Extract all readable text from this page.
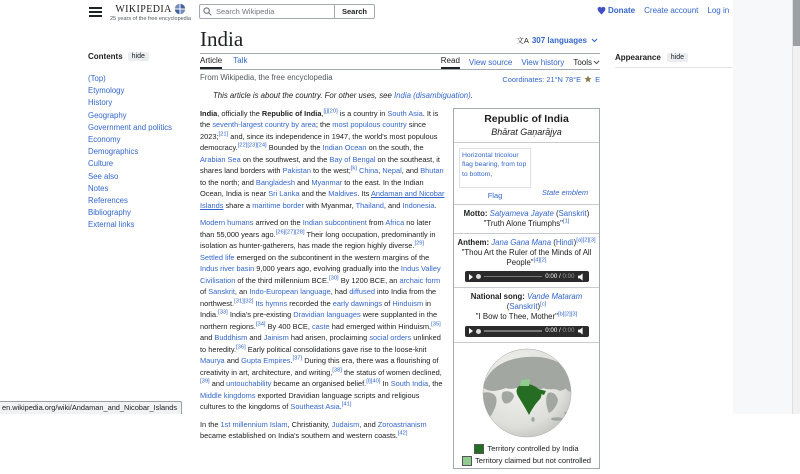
WIKIPEDIA
25 years of the free encyclopedia
Search Wikipedia
Search	Donate Create account Log in
Contents	hide
(Top)
Etymology
History
Geography
Government and politics
Economy
Demographics
Culture
See also
Notes
References
Bibliography
External links
India	文A 307 languages
Article Talk	Read View source View history Tools
From Wikipedia, the free encyclopedia	Coordinates: 21°N 78°E E
This article is about the country. For other uses, see India (disambiguation).
Republic of India
Bhārat Gaṇarājya
Horizontal tricolour flag bearing, from top to bottom,
Flag	State emblem
Motto: Satyameva Jayate (Sanskrit)
"Truth Alone Triumphs"[1]
Anthem: Jana Gana Mana (Hindi)[a][2][3]
"Thou Art the Ruler of the Minds of All People"[4][2]
0:00 / 0:00
National song: Vande Mataram (Sanskrit)[c]
"I Bow to Thee, Mother"[b][2][3]
0:00 / 0:00
Territory controlled by India
Territory claimed but not controlled

India, officially the Republic of India,[j][20] is a country in South Asia. It is the seventh-largest country by area; the most populous country since 2023;[21] and, since its independence in 1947, the world's most populous democracy.[22][23][24] Bounded by the Indian Ocean on the south, the Arabian Sea on the southwest, and the Bay of Bengal on the southeast, it shares land borders with Pakistan to the west;[k] China, Nepal, and Bhutan to the north; and Bangladesh and Myanmar to the east. In the Indian Ocean, India is near Sri Lanka and the Maldives. Its Andaman and Nicobar Islands share a maritime border with Myanmar, Thailand, and Indonesia.

Modern humans arrived on the Indian subcontinent from Africa no later than 55,000 years ago.[26][27][28] Their long occupation, predominantly in isolation as hunter-gatherers, has made the region highly diverse.[29] Settled life emerged on the subcontinent in the western margins of the Indus river basin 9,000 years ago, evolving gradually into the Indus Valley Civilisation of the third millennium BCE.[30] By 1200 BCE, an archaic form of Sanskrit, an Indo-European language, had diffused into India from the northwest.[31][32] Its hymns recorded the early dawnings of Hinduism in India.[33] India's pre-existing Dravidian languages were supplanted in the northern regions.[34] By 400 BCE, caste had emerged within Hinduism,[35] and Buddhism and Jainism had arisen, proclaiming social orders unlinked to heredity.[36] Early political consolidations gave rise to the loose-knit Maurya and Gupta Empires.[37] During this era, there was a flourishing of creativity in art, architecture, and writing,[38] the status of women declined,[39] and untouchability became an organised belief.[l][40] In South India, the Middle kingdoms exported Dravidian language scripts and religious cultures to the kingdoms of Southeast Asia.[41]

In the 1st millennium Islam, Christianity, Judaism, and Zoroastrianism became established on India's southern and western coasts.[42]

Appearance	hide
en.wikipedia.org/wiki/Andaman_and_Nicobar_Islands
